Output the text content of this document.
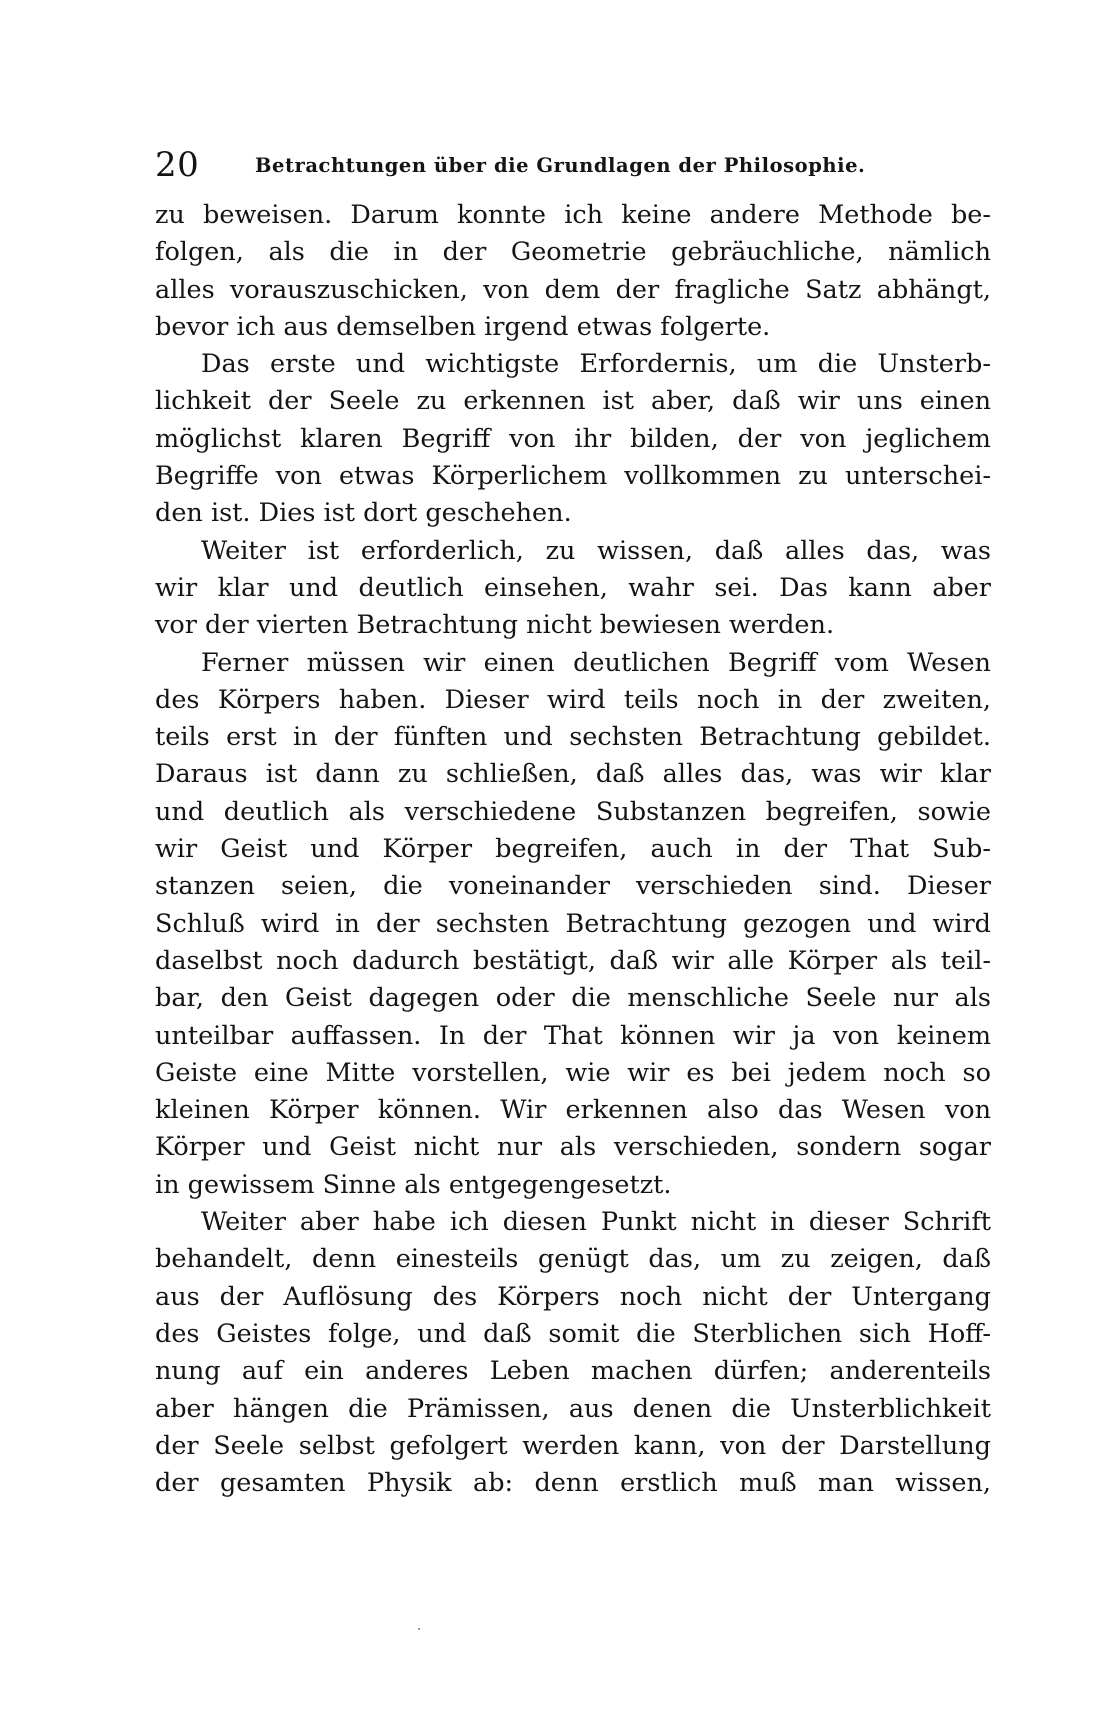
20	Betrachtungen über die Grundlagen der Philosophie.
zu beweisen. Darum konnte ich keine andere Methode be-
folgen, als die in der Geometrie gebräuchliche, nämlich
alles vorauszuschicken, von dem der fragliche Satz abhängt,
bevor ich aus demselben irgend etwas folgerte.
Das erste und wichtigste Erfordernis, um die Unsterb-
lichkeit der Seele zu erkennen ist aber, daß wir uns einen
möglichst klaren Begriff von ihr bilden, der von jeglichem
Begriffe von etwas Körperlichem vollkommen zu unterschei-
den ist. Dies ist dort geschehen.
Weiter ist erforderlich, zu wissen, daß alles das, was
wir klar und deutlich einsehen, wahr sei. Das kann aber
vor der vierten Betrachtung nicht bewiesen werden.
Ferner müssen wir einen deutlichen Begriff vom Wesen
des Körpers haben. Dieser wird teils noch in der zweiten,
teils erst in der fünften und sechsten Betrachtung gebildet.
Daraus ist dann zu schließen, daß alles das, was wir klar
und deutlich als verschiedene Substanzen begreifen, sowie
wir Geist und Körper begreifen, auch in der That Sub-
stanzen seien, die voneinander verschieden sind. Dieser
Schluß wird in der sechsten Betrachtung gezogen und wird
daselbst noch dadurch bestätigt, daß wir alle Körper als teil-
bar, den Geist dagegen oder die menschliche Seele nur als
unteilbar auffassen. In der That können wir ja von keinem
Geiste eine Mitte vorstellen, wie wir es bei jedem noch so
kleinen Körper können. Wir erkennen also das Wesen von
Körper und Geist nicht nur als verschieden, sondern sogar
in gewissem Sinne als entgegengesetzt.
Weiter aber habe ich diesen Punkt nicht in dieser Schrift
behandelt, denn einesteils genügt das, um zu zeigen, daß
aus der Auflösung des Körpers noch nicht der Untergang
des Geistes folge, und daß somit die Sterblichen sich Hoff-
nung auf ein anderes Leben machen dürfen; anderenteils
aber hängen die Prämissen, aus denen die Unsterblichkeit
der Seele selbst gefolgert werden kann, von der Darstellung
der gesamten Physik ab: denn erstlich muß man wissen,
